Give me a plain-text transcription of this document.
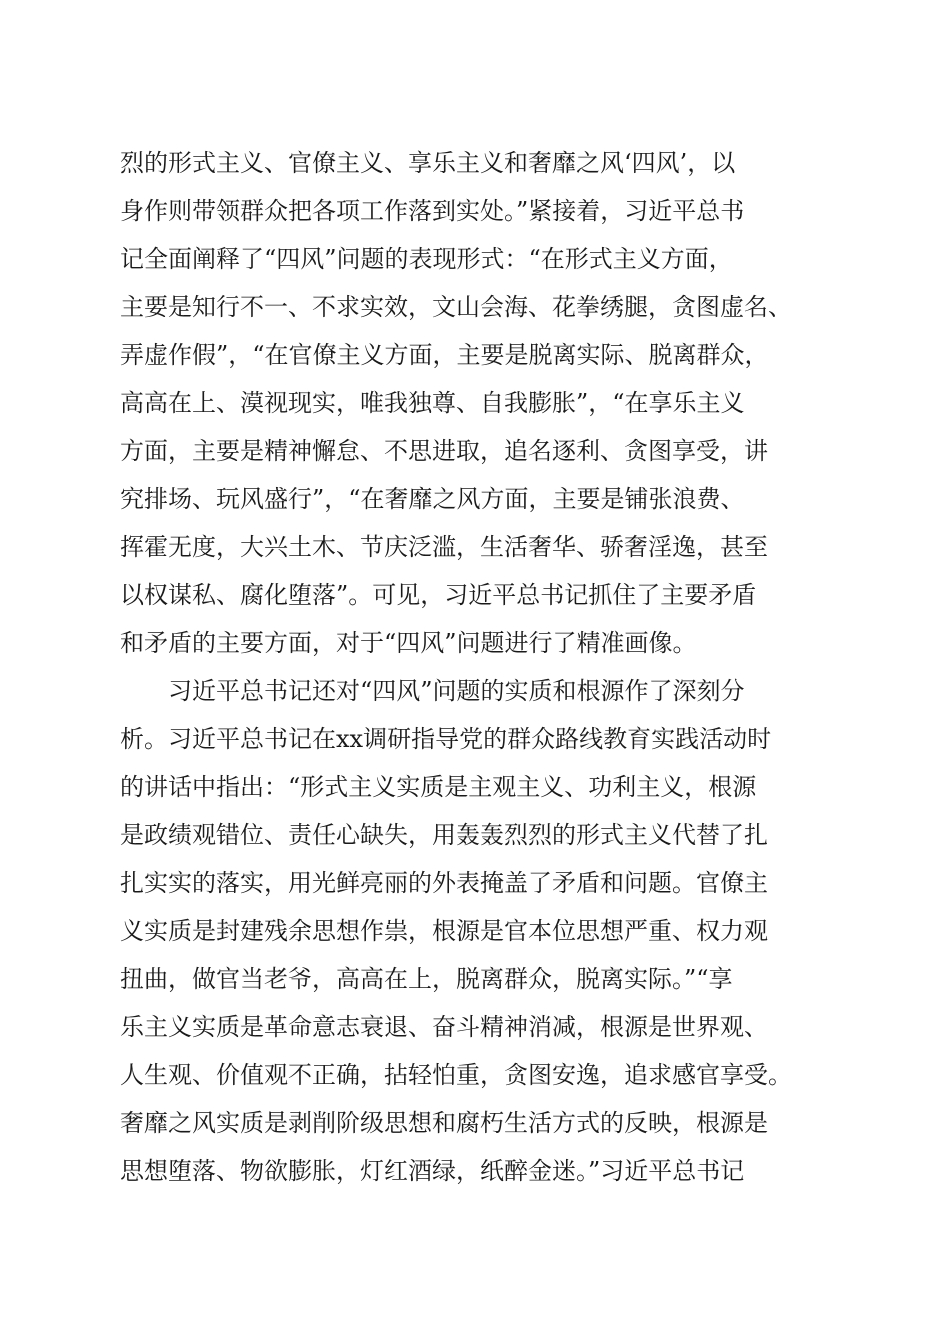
烈的形式主义、官僚主义、享乐主义和奢靡之风‘四风’，以
身作则带领群众把各项工作落到实处。”紧接着，习近平总书
记全面阐释了“四风”问题的表现形式：“在形式主义方面，
主要是知行不一、不求实效，文山会海、花拳绣腿，贪图虚名、
弄虚作假”，“在官僚主义方面，主要是脱离实际、脱离群众，
高高在上、漠视现实，唯我独尊、自我膨胀”，“在享乐主义
方面，主要是精神懈怠、不思进取，追名逐利、贪图享受，讲
究排场、玩风盛行”，“在奢靡之风方面，主要是铺张浪费、
挥霍无度，大兴土木、节庆泛滥，生活奢华、骄奢淫逸，甚至
以权谋私、腐化堕落”。可见，习近平总书记抓住了主要矛盾
和矛盾的主要方面，对于“四风”问题进行了精准画像。
习近平总书记还对“四风”问题的实质和根源作了深刻分
析。习近平总书记在xx调研指导党的群众路线教育实践活动时
的讲话中指出：“形式主义实质是主观主义、功利主义，根源
是政绩观错位、责任心缺失，用轰轰烈烈的形式主义代替了扎
扎实实的落实，用光鲜亮丽的外表掩盖了矛盾和问题。官僚主
义实质是封建残余思想作祟，根源是官本位思想严重、权力观
扭曲，做官当老爷，高高在上，脱离群众，脱离实际。”“享
乐主义实质是革命意志衰退、奋斗精神消减，根源是世界观、
人生观、价值观不正确，拈轻怕重，贪图安逸，追求感官享受。
奢靡之风实质是剥削阶级思想和腐朽生活方式的反映，根源是
思想堕落、物欲膨胀，灯红酒绿，纸醉金迷。”习近平总书记
